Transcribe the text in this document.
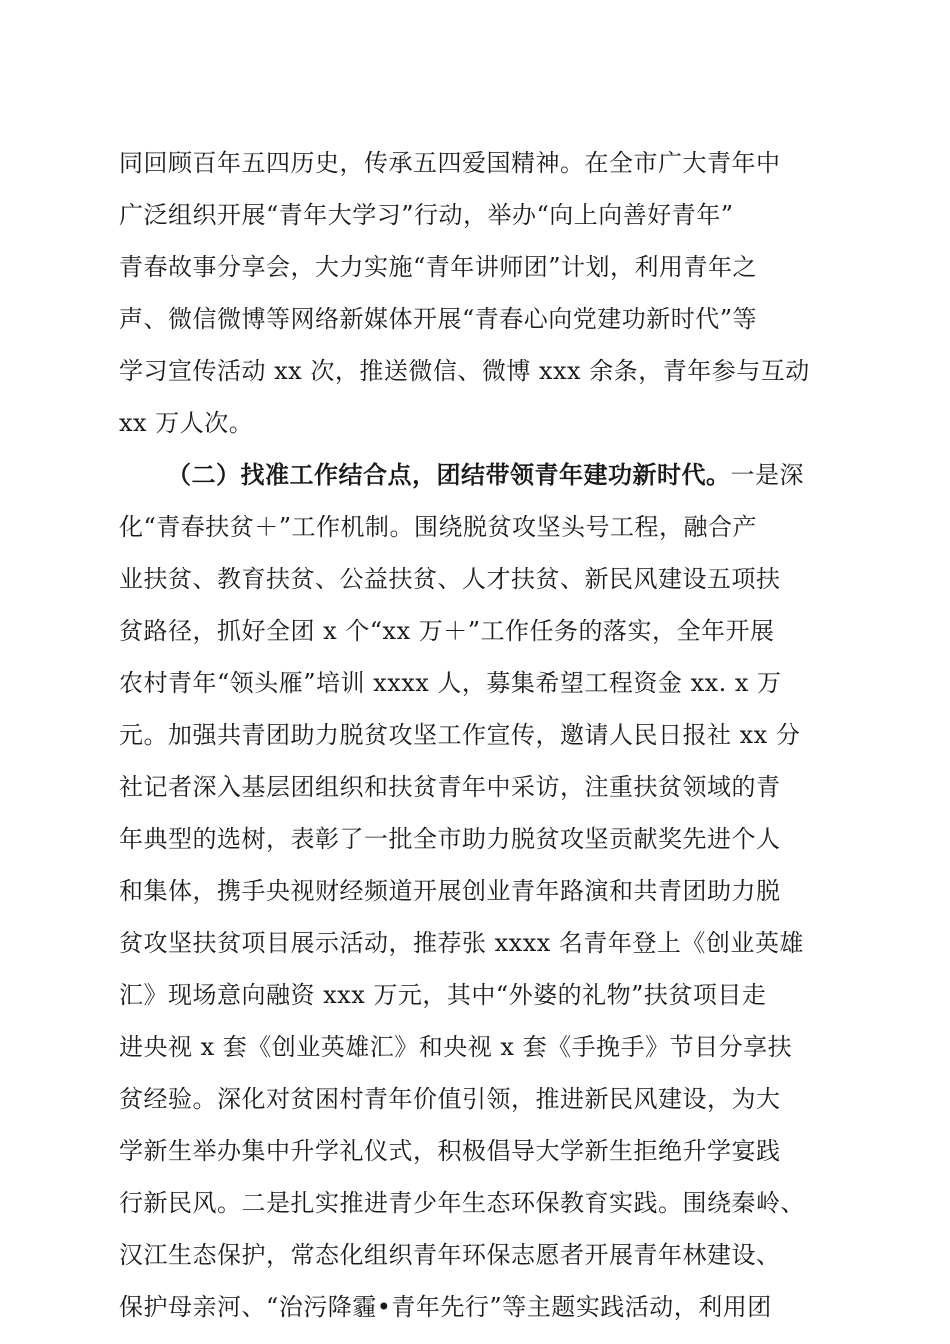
同回顾百年五四历史，传承五四爱国精神。在全市广大青年中
广泛组织开展“青年大学习”行动，举办“向上向善好青年”
青春故事分享会，大力实施“青年讲师团”计划，利用青年之
声、微信微博等网络新媒体开展“青春心向党建功新时代”等
学习宣传活动 xx 次，推送微信、微博 xxx 余条，青年参与互动
xx 万人次。
（二）找准工作结合点，团结带领青年建功新时代。一是深
化“青春扶贫＋”工作机制。围绕脱贫攻坚头号工程，融合产
业扶贫、教育扶贫、公益扶贫、人才扶贫、新民风建设五项扶
贫路径，抓好全团 x 个“xx 万＋”工作任务的落实，全年开展
农村青年“领头雁”培训 xxxx 人，募集希望工程资金 xx. x 万
元。加强共青团助力脱贫攻坚工作宣传，邀请人民日报社 xx 分
社记者深入基层团组织和扶贫青年中采访，注重扶贫领域的青
年典型的选树，表彰了一批全市助力脱贫攻坚贡献奖先进个人
和集体，携手央视财经频道开展创业青年路演和共青团助力脱
贫攻坚扶贫项目展示活动，推荐张 xxxx 名青年登上《创业英雄
汇》现场意向融资 xxx 万元，其中“外婆的礼物”扶贫项目走
进央视 x 套《创业英雄汇》和央视 x 套《手挽手》节目分享扶
贫经验。深化对贫困村青年价值引领，推进新民风建设，为大
学新生举办集中升学礼仪式，积极倡导大学新生拒绝升学宴践
行新民风。二是扎实推进青少年生态环保教育实践。围绕秦岭、
汉江生态保护，常态化组织青年环保志愿者开展青年林建设、
保护母亲河、“治污降霾•青年先行”等主题实践活动，利用团
